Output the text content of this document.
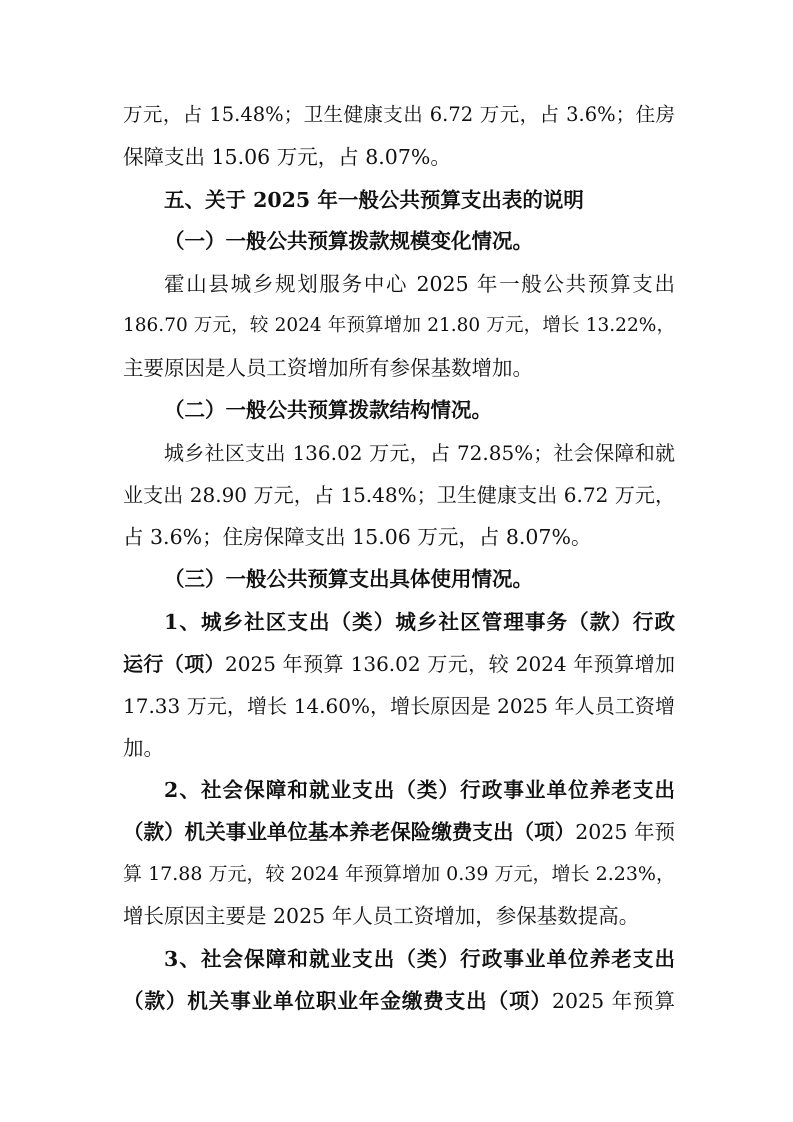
万元，占 15.48%；卫生健康支出 6.72 万元，占 3.6%；住房
保障支出 15.06 万元，占 8.07%。
五、关于 2025 年一般公共预算支出表的说明
（一）一般公共预算拨款规模变化情况。
霍山县城乡规划服务中心 2025 年一般公共预算支出
186.70 万元，较 2024 年预算增加 21.80 万元，增长 13.22%，
主要原因是人员工资增加所有参保基数增加。
（二）一般公共预算拨款结构情况。
城乡社区支出 136.02 万元，占 72.85%；社会保障和就
业支出 28.90 万元，占 15.48%；卫生健康支出 6.72 万元，
占 3.6%；住房保障支出 15.06 万元，占 8.07%。
（三）一般公共预算支出具体使用情况。
1、城乡社区支出（类）城乡社区管理事务（款）行政
运行（项）2025 年预算 136.02 万元，较 2024 年预算增加
17.33 万元，增长 14.60%，增长原因是 2025 年人员工资增
加。
2、社会保障和就业支出（类）行政事业单位养老支出
（款）机关事业单位基本养老保险缴费支出（项）2025 年预
算 17.88 万元，较 2024 年预算增加 0.39 万元，增长 2.23%，
增长原因主要是 2025 年人员工资增加，参保基数提高。
3、社会保障和就业支出（类）行政事业单位养老支出
（款）机关事业单位职业年金缴费支出（项）2025 年预算
